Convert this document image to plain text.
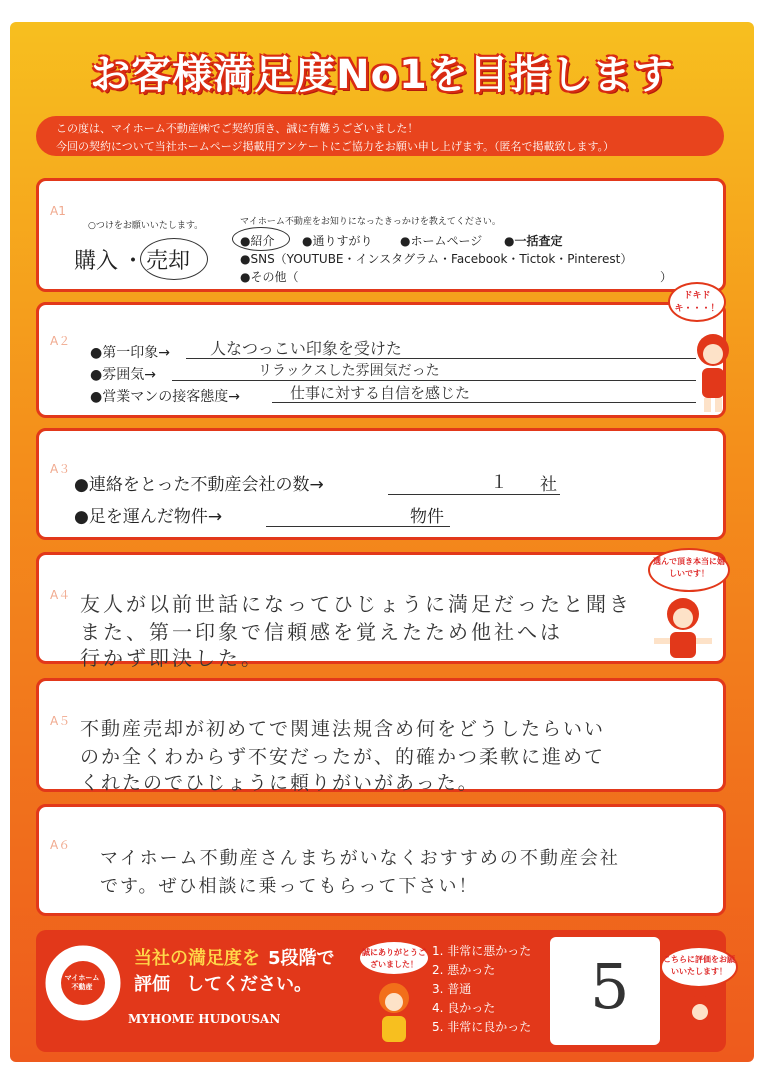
お客様満足度No1を目指します
この度は、マイホーム不動産㈱でご契約頂き、誠に有難うございました！
今回の契約について当社ホームページ掲載用アンケートにご協力をお願い申し上げます。（匿名で掲載致します。）
A1
○つけをお願いいたします。
購入 ・ 売却
マイホーム不動産をお知りになったきっかけを教えてください。
●紹介 ●通りすがり ●ホームページ ●一括査定
●SNS（YOUTUBE・インスタグラム・Facebook・Tictok・Pinterest）
●その他（	）
A２
●第一印象→	人なつっこい印象を受けた
●雰囲気→	リラックスした雰囲気だった
●営業マンの接客態度→	仕事に対する自信を感じた
ドキドキ・・・！
A３
●連絡をとった不動産会社の数→	１ 社
●足を運んだ物件→	物件
A４ 友人が以前世話になってひじょうに満足だったと聞き
また、第一印象で信頼感を覚えたため他社へは
行かず即決した。
選んで頂き本当に嬉しいです！
A５ 不動産売却が初めてで関連法規含め何をどうしたらいい
のか全くわからず不安だったが、的確かつ柔軟に進めて
くれたのでひじょうに頼りがいがあった。
A６
マイホーム不動産さんまちがいなくおすすめの不動産会社
です。ぜひ相談に乗ってもらって下さい！
マイホーム不動産
当社の満足度を 5段階で
評価 してください。
MYHOME HUDOUSAN
誠にありがとうございました！
1. 非常に悪かった
2. 悪かった
3. 普通
4. 良かった
5. 非常に良かった
5	こちらに評価をお願いいたします！
